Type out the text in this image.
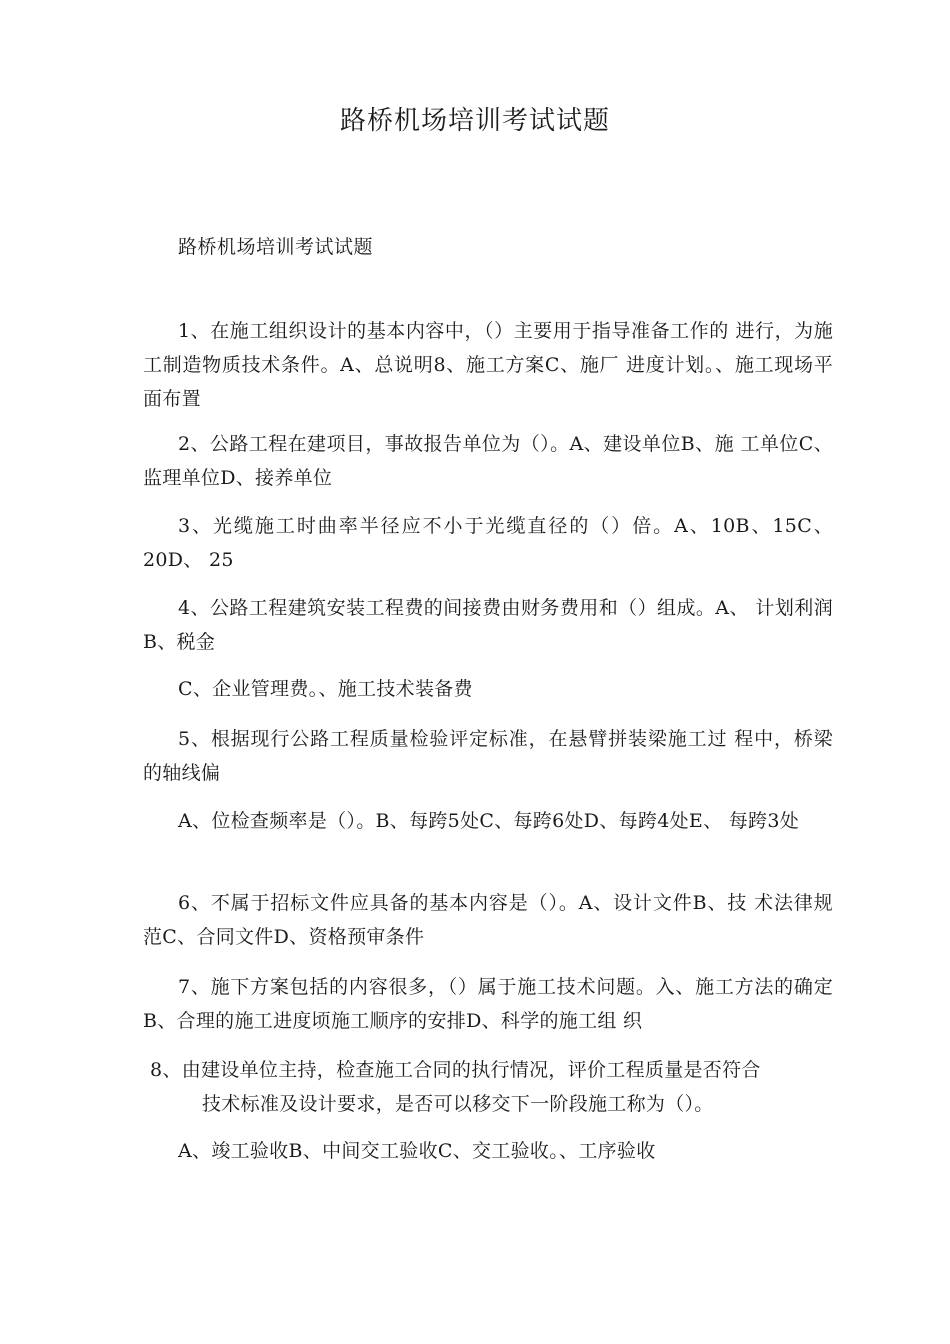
路桥机场培训考试试题
路桥机场培训考试试题
1、在施工组织设计的基本内容中，（）主要用于指导准备工作的 进行，为施工制造物质技术条件。A、总说明8、施工方案C、施厂 进度计划。、施工现场平面布置
2、公路工程在建项目，事故报告单位为（）。A、建设单位B、施 工单位C、监理单位D、接养单位
3、光缆施工时曲率半径应不小于光缆直径的（）倍。A、10B、15C、20D、 25
4、公路工程建筑安装工程费的间接费由财务费用和（）组成。A、 计划利润B、税金
C、企业管理费。、施工技术装备费
5、根据现行公路工程质量检验评定标准，在悬臂拼装梁施工过 程中，桥梁的轴线偏
A、位检查频率是（）。B、每跨5处C、每跨6处D、每跨4处E、 每跨3处
6、不属于招标文件应具备的基本内容是（）。A、设计文件B、技 术法律规范C、合同文件D、资格预审条件
7、施下方案包括的内容很多，（）属于施工技术问题。入、施工方法的确定B、合理的施工进度顷施工顺序的安排D、科学的施工组 织
8、由建设单位主持，检查施工合同的执行情况，评价工程质量是否符合
技术标准及设计要求，是否可以移交下一阶段施工称为（）。
A、竣工验收B、中间交工验收C、交工验收。、工序验收
